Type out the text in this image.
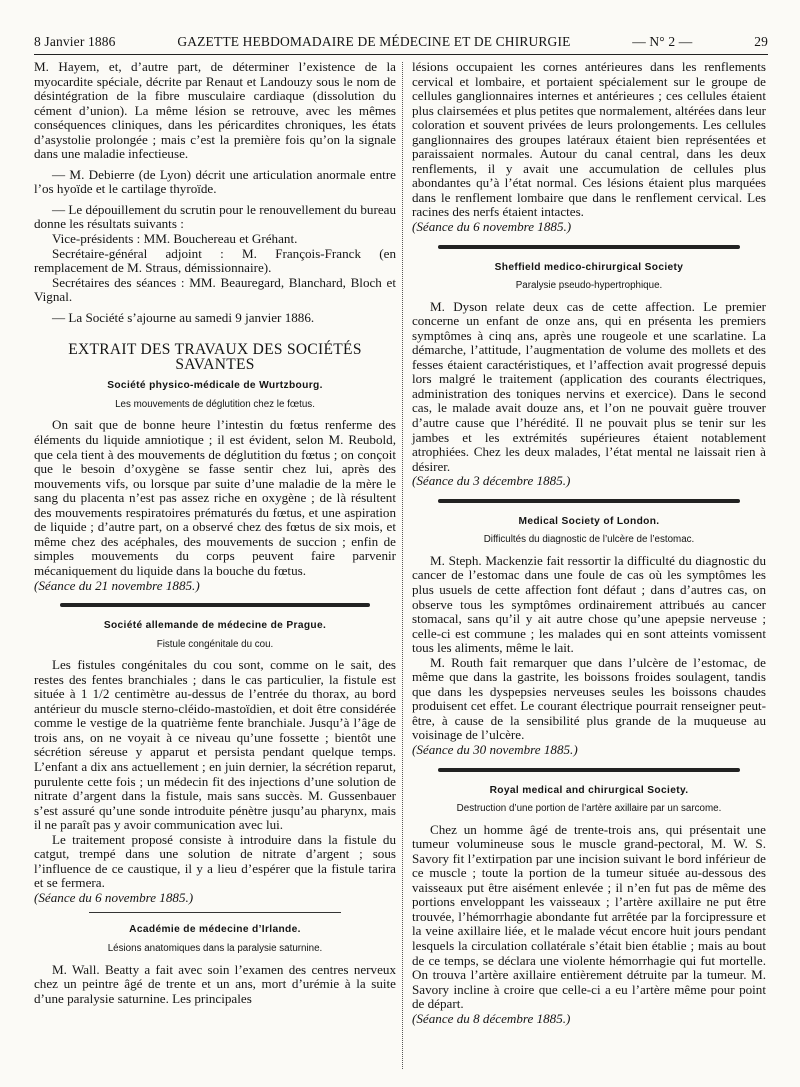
8 Janvier 1886	GAZETTE HEBDOMADAIRE DE MÉDECINE ET DE CHIRURGIE	— N° 2 —	29

M. Hayem, et, d’autre part, de déterminer l’existence de la myocardite spéciale, décrite par Renaut et Landouzy sous le nom de désintégration de la fibre musculaire cardiaque (dissolution du cément d’union). La même lésion se retrouve, avec les mêmes conséquences cliniques, dans les péricardites chroniques, les états d’asystolie prolongée ; mais c’est la première fois qu’on la signale dans une maladie infectieuse.

— M. Debierre (de Lyon) décrit une articulation anormale entre l’os hyoïde et le cartilage thyroïde.

— Le dépouillement du scrutin pour le renouvellement du bureau donne les résultats suivants :

Vice-présidents : MM. Bouchereau et Gréhant.

Secrétaire-général adjoint : M. François-Franck (en remplacement de M. Straus, démissionnaire).

Secrétaires des séances : MM. Beauregard, Blanchard, Bloch et Vignal.

— La Société s’ajourne au samedi 9 janvier 1886.

EXTRAIT DES TRAVAUX DES SOCIÉTÉS SAVANTES
Société physico-médicale de Wurtzbourg.
Les mouvements de déglutition chez le fœtus.

On sait que de bonne heure l’intestin du fœtus renferme des éléments du liquide amniotique ; il est évident, selon M. Reubold, que cela tient à des mouvements de déglutition du fœtus ; on conçoit que le besoin d’oxygène se fasse sentir chez lui, après des mouvements vifs, ou lorsque par suite d’une maladie de la mère le sang du placenta n’est pas assez riche en oxygène ; de là résultent des mouvements respiratoires prématurés du fœtus, et une aspiration de liquide ; d’autre part, on a observé chez des fœtus de six mois, et même chez des acéphales, des mouvements de succion ; enfin de simples mouvements du corps peuvent faire parvenir mécaniquement du liquide dans la bouche du fœtus.

(Séance du 21 novembre 1885.)

Société allemande de médecine de Prague.
Fistule congénitale du cou.

Les fistules congénitales du cou sont, comme on le sait, des restes des fentes branchiales ; dans le cas particulier, la fistule est située à 1 1/2 centimètre au-dessus de l’entrée du thorax, au bord antérieur du muscle sterno-cléido-mastoïdien, et doit être considérée comme le vestige de la quatrième fente branchiale. Jusqu’à l’âge de trois ans, on ne voyait à ce niveau qu’une fossette ; bientôt une sécrétion séreuse y apparut et persista pendant quelque temps. L’enfant a dix ans actuellement ; en juin dernier, la sécrétion reparut, purulente cette fois ; un médecin fit des injections d’une solution de nitrate d’argent dans la fistule, mais sans succès. M. Gussenbauer s’est assuré qu’une sonde introduite pénètre jusqu’au pharynx, mais il ne paraît pas y avoir communication avec lui.

Le traitement proposé consiste à introduire dans la fistule du catgut, trempé dans une solution de nitrate d’argent ; sous l’influence de ce caustique, il y a lieu d’espérer que la fistule tarira et se fermera.

(Séance du 6 novembre 1885.)

Académie de médecine d’Irlande.
Lésions anatomiques dans la paralysie saturnine.

M. Wall. Beatty a fait avec soin l’examen des centres nerveux chez un peintre âgé de trente et un ans, mort d’urémie à la suite d’une paralysie saturnine. Les principales

lésions occupaient les cornes antérieures dans les renflements cervical et lombaire, et portaient spécialement sur le groupe de cellules ganglionnaires internes et antérieures ; ces cellules étaient plus clairsemées et plus petites que normalement, altérées dans leur coloration et souvent privées de leurs prolongements. Les cellules ganglionnaires des groupes latéraux étaient bien représentées et paraissaient normales. Autour du canal central, dans les deux renflements, il y avait une accumulation de cellules plus abondantes qu’à l’état normal. Ces lésions étaient plus marquées dans le renflement lombaire que dans le renflement cervical. Les racines des nerfs étaient intactes.

(Séance du 6 novembre 1885.)

Sheffield medico-chirurgical Society
Paralysie pseudo-hypertrophique.

M. Dyson relate deux cas de cette affection. Le premier concerne un enfant de onze ans, qui en présenta les premiers symptômes à cinq ans, après une rougeole et une scarlatine. La démarche, l’attitude, l’augmentation de volume des mollets et des fesses étaient caractéristiques, et l’affection avait progressé depuis lors malgré le traitement (application des courants électriques, administration des toniques nervins et exercice). Dans le second cas, le malade avait douze ans, et l’on ne pouvait guère trouver d’autre cause que l’hérédité. Il ne pouvait plus se tenir sur les jambes et les extrémités supérieures étaient notablement atrophiées. Chez les deux malades, l’état mental ne laissait rien à désirer.

(Séance du 3 décembre 1885.)

Medical Society of London.
Difficultés du diagnostic de l’ulcère de l’estomac.

M. Steph. Mackenzie fait ressortir la difficulté du diagnostic du cancer de l’estomac dans une foule de cas où les symptômes les plus usuels de cette affection font défaut ; dans d’autres cas, on observe tous les symptômes ordinairement attribués au cancer stomacal, sans qu’il y ait autre chose qu’une apepsie nerveuse ; celle-ci est commune ; les malades qui en sont atteints vomissent tous les aliments, même le lait.

M. Routh fait remarquer que dans l’ulcère de l’estomac, de même que dans la gastrite, les boissons froides soulagent, tandis que dans les dyspepsies nerveuses seules les boissons chaudes produisent cet effet. Le courant électrique pourrait renseigner peut-être, à cause de la sensibilité plus grande de la muqueuse au voisinage de l’ulcère.

(Séance du 30 novembre 1885.)

Royal medical and chirurgical Society.
Destruction d’une portion de l’artère axillaire par un sarcome.

Chez un homme âgé de trente-trois ans, qui présentait une tumeur volumineuse sous le muscle grand-pectoral, M. W. S. Savory fit l’extirpation par une incision suivant le bord inférieur de ce muscle ; toute la portion de la tumeur située au-dessous des vaisseaux put être aisément enlevée ; il n’en fut pas de même des portions enveloppant les vaisseaux ; l’artère axillaire ne put être trouvée, l’hémorrhagie abondante fut arrêtée par la forcipressure et la veine axillaire liée, et le malade vécut encore huit jours pendant lesquels la circulation collatérale s’était bien établie ; mais au bout de ce temps, se déclara une violente hémorrhagie qui fut mortelle. On trouva l’artère axillaire entièrement détruite par la tumeur. M. Savory incline à croire que celle-ci a eu l’artère même pour point de départ.

(Séance du 8 décembre 1885.)
